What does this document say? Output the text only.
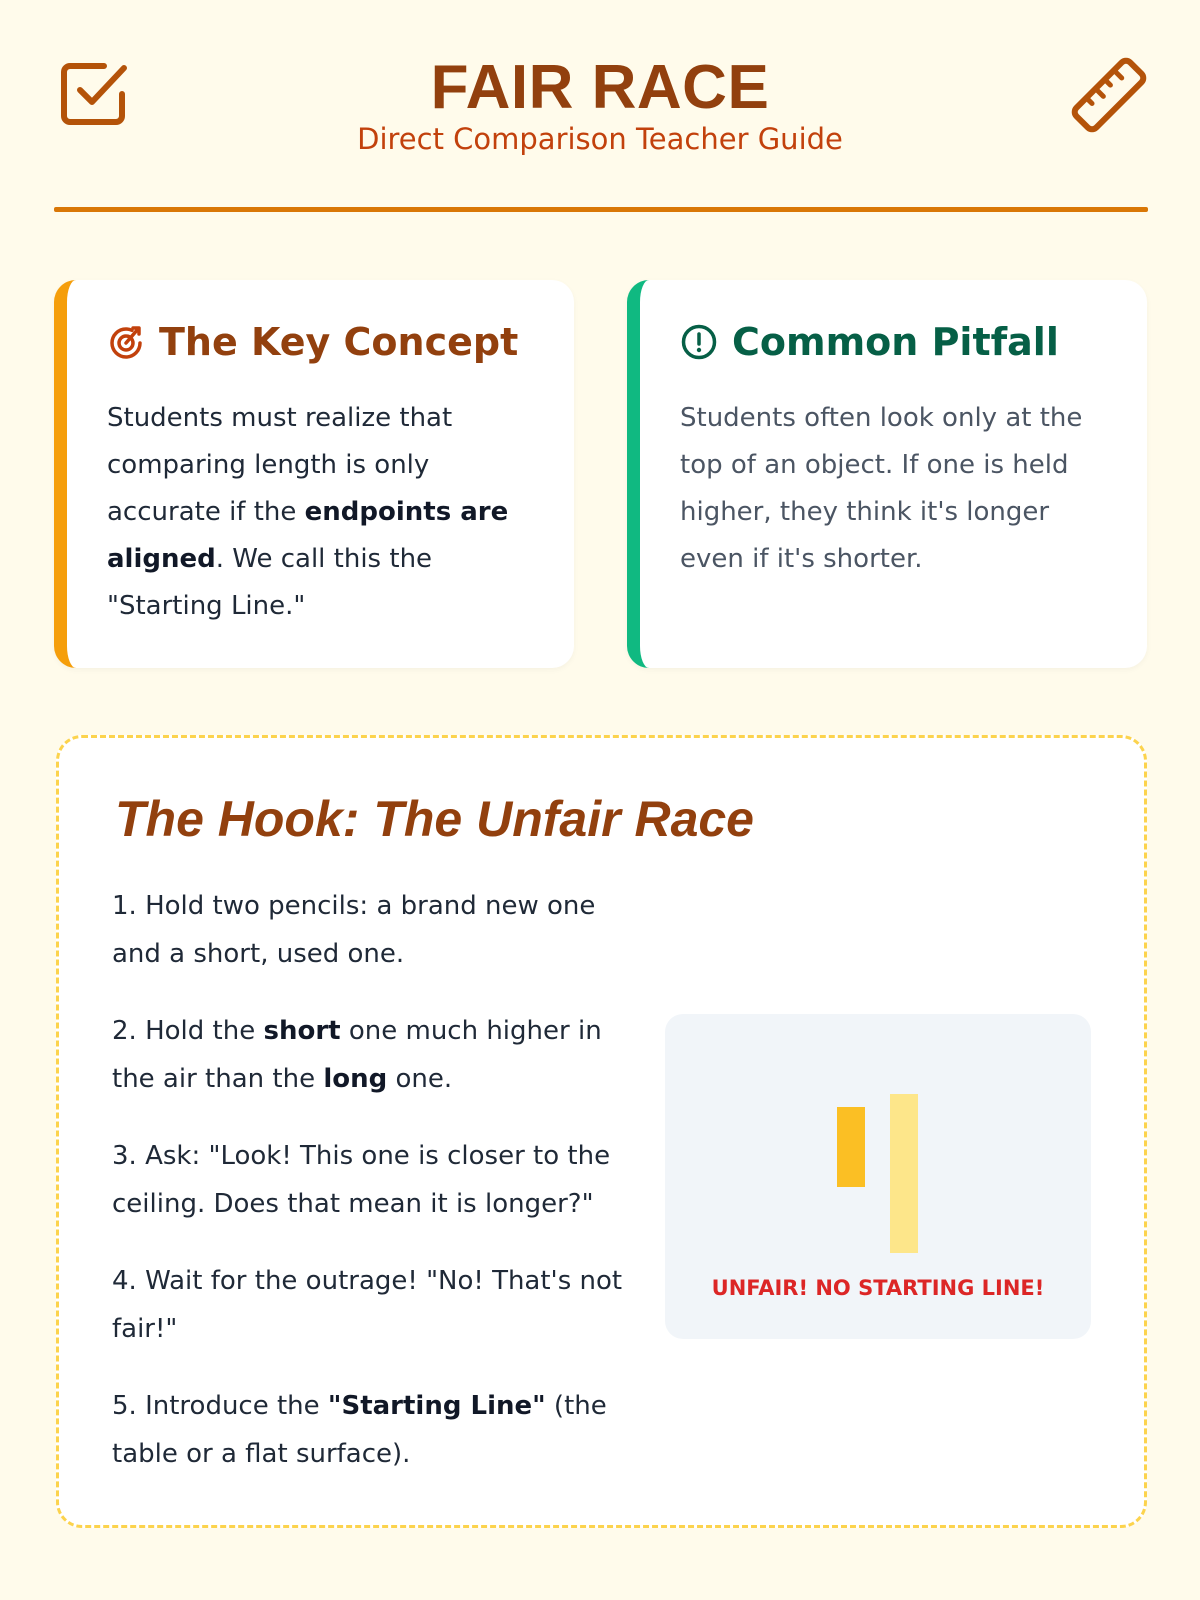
FAIR RACE

Direct Comparison Teacher Guide

The Key Concept

Students must realize that comparing length is only accurate if the endpoints are aligned. We call this the "Starting Line."

Common Pitfall

Students often look only at the top of an object. If one is held higher, they think it's longer even if it's shorter.

The Hook: The Unfair Race

1. Hold two pencils: a brand new one and a short, used one.

2. Hold the short one much higher in the air than the long one.

3. Ask: "Look! This one is closer to the ceiling. Does that mean it is longer?"

4. Wait for the outrage! "No! That's not fair!"

5. Introduce the "Starting Line" (the table or a flat surface).

UNFAIR! NO STARTING LINE!
